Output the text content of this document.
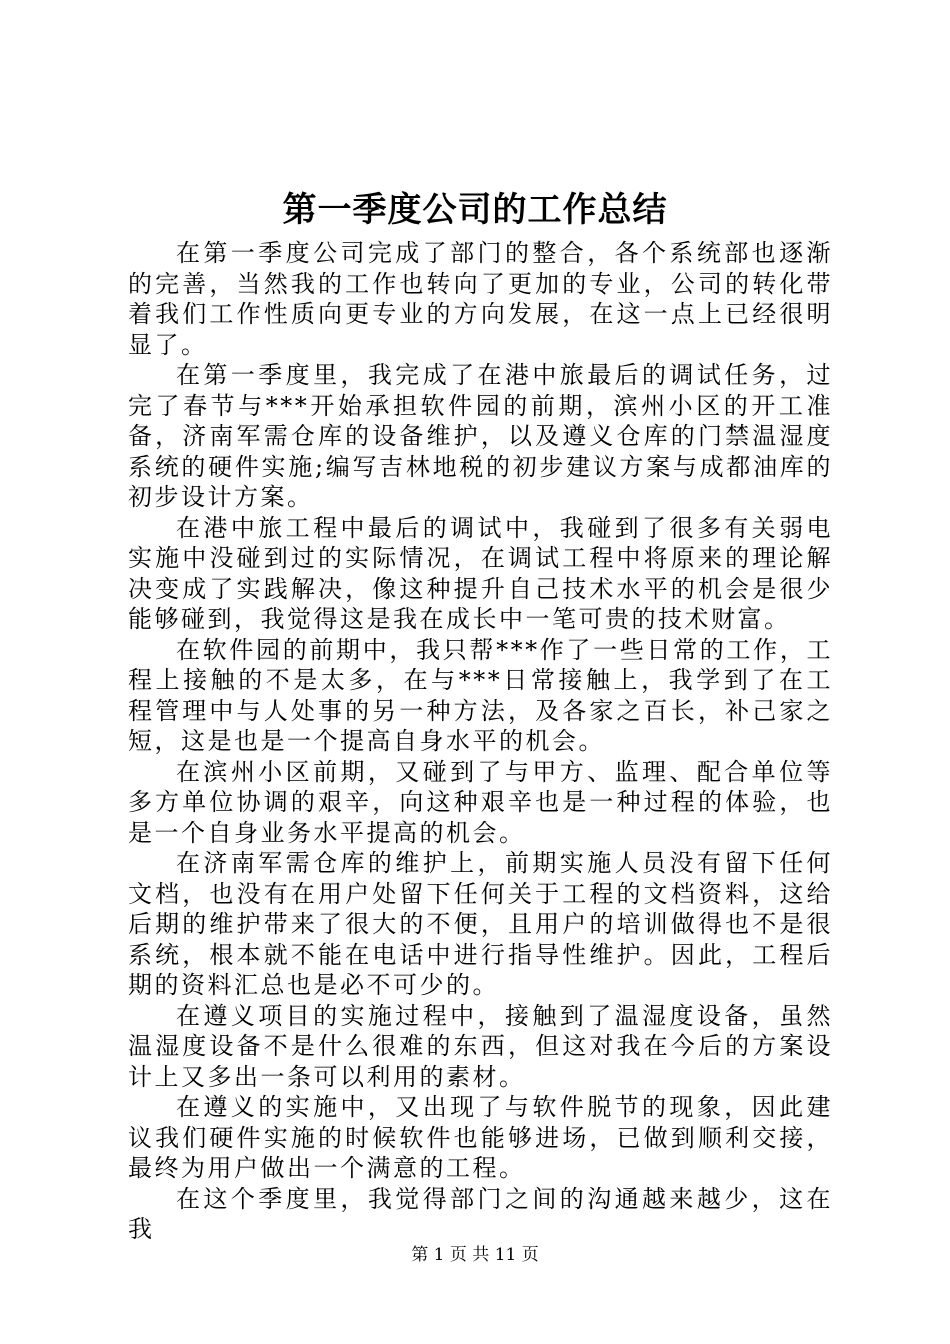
第一季度公司的工作总结

在第一季度公司完成了部门的整合，各个系统部也逐渐的完善，当然我的工作也转向了更加的专业，公司的转化带着我们工作性质向更专业的方向发展，在这一点上已经很明显了。

在第一季度里，我完成了在港中旅最后的调试任务，过完了春节与***开始承担软件园的前期，滨州小区的开工准备，济南军需仓库的设备维护，以及遵义仓库的门禁温湿度系统的硬件实施;编写吉林地税的初步建议方案与成都油库的初步设计方案。

在港中旅工程中最后的调试中，我碰到了很多有关弱电实施中没碰到过的实际情况，在调试工程中将原来的理论解决变成了实践解决，像这种提升自己技术水平的机会是很少能够碰到，我觉得这是我在成长中一笔可贵的技术财富。

在软件园的前期中，我只帮***作了一些日常的工作，工程上接触的不是太多，在与***日常接触上，我学到了在工程管理中与人处事的另一种方法，及各家之百长，补己家之短，这是也是一个提高自身水平的机会。

在滨州小区前期，又碰到了与甲方、监理、配合单位等多方单位协调的艰辛，向这种艰辛也是一种过程的体验，也是一个自身业务水平提高的机会。

在济南军需仓库的维护上，前期实施人员没有留下任何文档，也没有在用户处留下任何关于工程的文档资料，这给后期的维护带来了很大的不便，且用户的培训做得也不是很系统，根本就不能在电话中进行指导性维护。因此，工程后期的资料汇总也是必不可少的。

在遵义项目的实施过程中，接触到了温湿度设备，虽然温湿度设备不是什么很难的东西，但这对我在今后的方案设计上又多出一条可以利用的素材。

在遵义的实施中，又出现了与软件脱节的现象，因此建议我们硬件实施的时候软件也能够进场，已做到顺利交接，最终为用户做出一个满意的工程。

在这个季度里，我觉得部门之间的沟通越来越少，这在我

第 1 页 共 11 页
